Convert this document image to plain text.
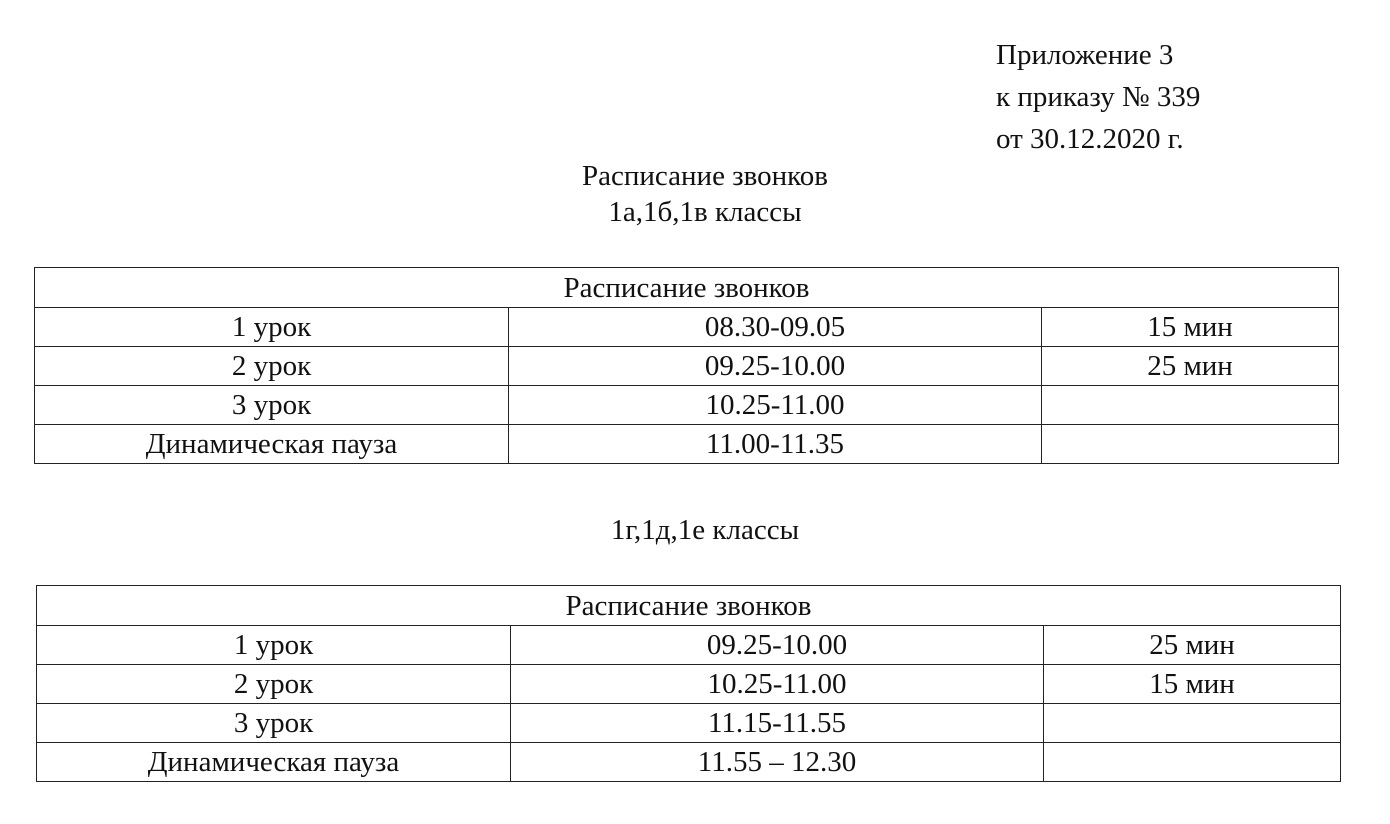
Приложение 3
к приказу № 339
от 30.12.2020 г.
Расписание звонков
1а,1б,1в классы
Расписание звонков		
1 урок	08.30-09.05	15 мин
2 урок	09.25-10.00	25 мин
3 урок	10.25-11.00	
Динамическая пауза	11.00-11.35	
1г,1д,1е классы
Расписание звонков		
1 урок	09.25-10.00	25 мин
2 урок	10.25-11.00	15 мин
3 урок	11.15-11.55	
Динамическая пауза	11.55 – 12.30	
